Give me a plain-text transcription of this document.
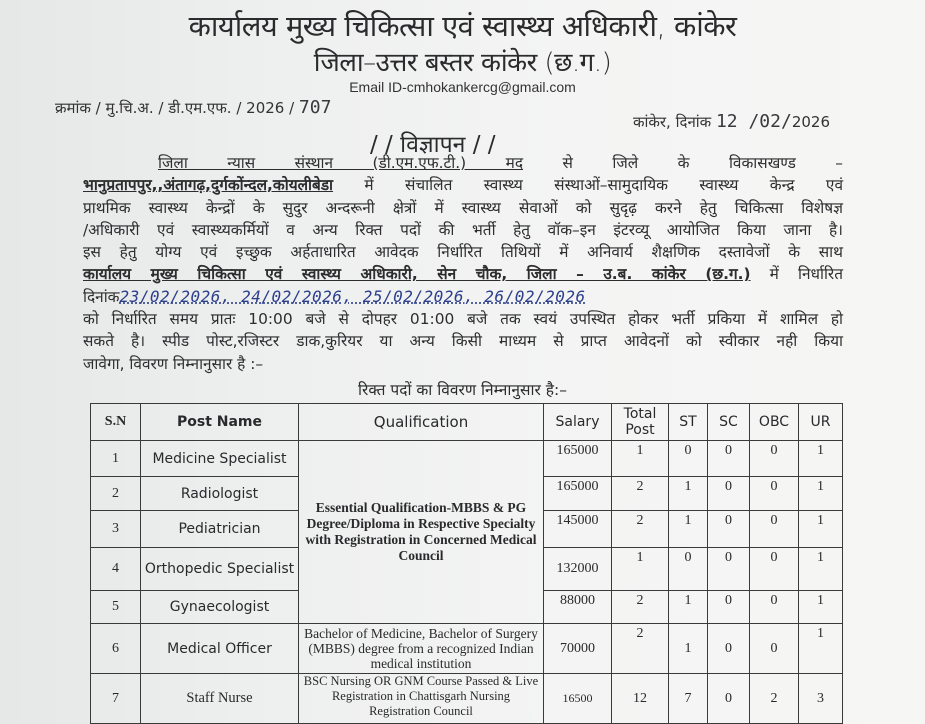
कार्यालय मुख्य चिकित्सा एवं स्वास्थ्य अधिकारी, कांकेर
जिला–उत्तर बस्तर कांकेर (छ.ग.)
Email ID-cmhokankercg@gmail.com
क्रमांक / मु.चि.अ. / डी.एम.एफ. / 2026 / 707
कांकेर, दिनांक 12 /02/2026
/ / विज्ञापन / /
जिला न्यास संस्थान (डी.एम.एफ.टी.) मद से जिले के विकासखण्ड –
भानुप्रतापपुर,,अंतागढ़,दुर्गकोंन्दल,कोयलीबेडा में संचालित स्वास्थ्य संस्थाओं–सामुदायिक स्वास्थ्य केन्द्र एवं
प्राथमिक स्वास्थ्य केन्द्रों के सुदुर अन्दरूनी क्षेत्रों में स्वास्थ्य सेवाओं को सुदृढ़ करने हेतु चिकित्सा विशेषज्ञ
/अधिकारी एवं स्वास्थ्यकर्मियों व अन्य रिक्त पदों की भर्ती हेतु वॉक–इन इंटरव्यू आयोजित किया जाना है।
इस हेतु योग्य एवं इच्छुक अर्हताधारित आवेदक निर्धारित तिथियों में अनिवार्य शैक्षणिक दस्तावेजों के साथ
कार्यालय मुख्य चिकित्सा एवं स्वास्थ्य अधिकारी, सेन चौक, जिला – उ.ब. कांकेर (छ.ग.) में निर्धारित
दिनांक23/02/2026, 24/02/2026, 25/02/2026, 26/02/2026
को निर्धारित समय प्रातः 10:00 बजे से दोपहर 01:00 बजे तक स्वयं उपस्थित होकर भर्ती प्रकिया में शामिल हो
सकते है। स्पीड पोस्ट,रजिस्टर डाक,कुरियर या अन्य किसी माध्यम से प्राप्त आवेदनों को स्वीकार नही किया
जावेगा, विवरण निम्नानुसार है :–
रिक्त पदों का विवरण निम्नानुसार है:–
S.N	Post Name	Qualification	Salary	Total Post	ST	SC	OBC	UR
1	Medicine Specialist	Essential Qualification-MBBS & PG Degree/Diploma in Respective Specialty with Registration in Concerned Medical Council	165000	1	0	0	0	1
2	Radiologist		165000	2	1	0	0	1
3	Pediatrician		145000	2	1	0	0	1
4	Orthopedic Specialist		132000	1	0	0	0	1
5	Gynaecologist		88000	2	1	0	0	1
6	Medical Officer	Bachelor of Medicine, Bachelor of Surgery (MBBS) degree from a recognized Indian medical institution	70000	2	1	0	0	1
7	Staff Nurse	BSC Nursing OR GNM Course Passed & Live Registration in Chattisgarh Nursing Registration Council	16500	12	7	0	2	3
